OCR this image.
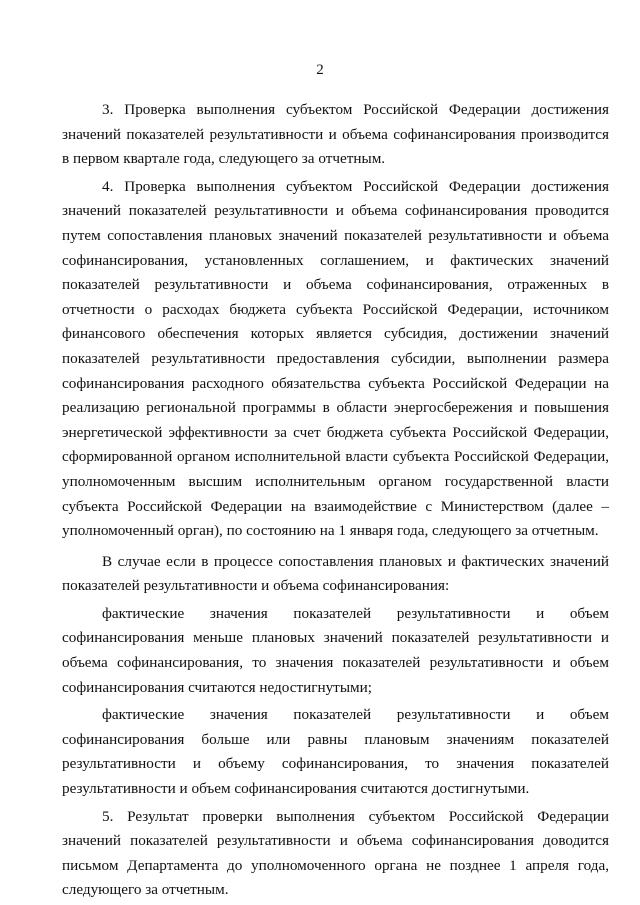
2

3. Проверка выполнения субъектом Российской Федерации достижения значений показателей результативности и объема софинансирования производится в первом квартале года, следующего за отчетным.

4. Проверка выполнения субъектом Российской Федерации достижения значений показателей результативности и объема софинансирования проводится путем сопоставления плановых значений показателей результативности и объема софинансирования, установленных соглашением, и фактических значений показателей результативности и объема софинансирования, отраженных в отчетности о расходах бюджета субъекта Российской Федерации, источником финансового обеспечения которых является субсидия, достижении значений показателей результативности предоставления субсидии, выполнении размера софинансирования расходного обязательства субъекта Российской Федерации на реализацию региональной программы в области энергосбережения и повышения энергетической эффективности за счет бюджета субъекта Российской Федерации, сформированной органом исполнительной власти субъекта Российской Федерации, уполномоченным высшим исполнительным органом государственной власти субъекта Российской Федерации на взаимодействие с Министерством (далее – уполномоченный орган), по состоянию на 1 января года, следующего за отчетным.

В случае если в процессе сопоставления плановых и фактических значений показателей результативности и объема софинансирования:

фактические значения показателей результативности и объем софинансирования меньше плановых значений показателей результативности и объема софинансирования, то значения показателей результативности и объем софинансирования считаются недостигнутыми;

фактические значения показателей результативности и объем софинансирования больше или равны плановым значениям показателей результативности и объему софинансирования, то значения показателей результативности и объем софинансирования считаются достигнутыми.

5. Результат проверки выполнения субъектом Российской Федерации значений показателей результативности и объема софинансирования доводится письмом Департамента до уполномоченного органа не позднее 1 апреля года, следующего за отчетным.
